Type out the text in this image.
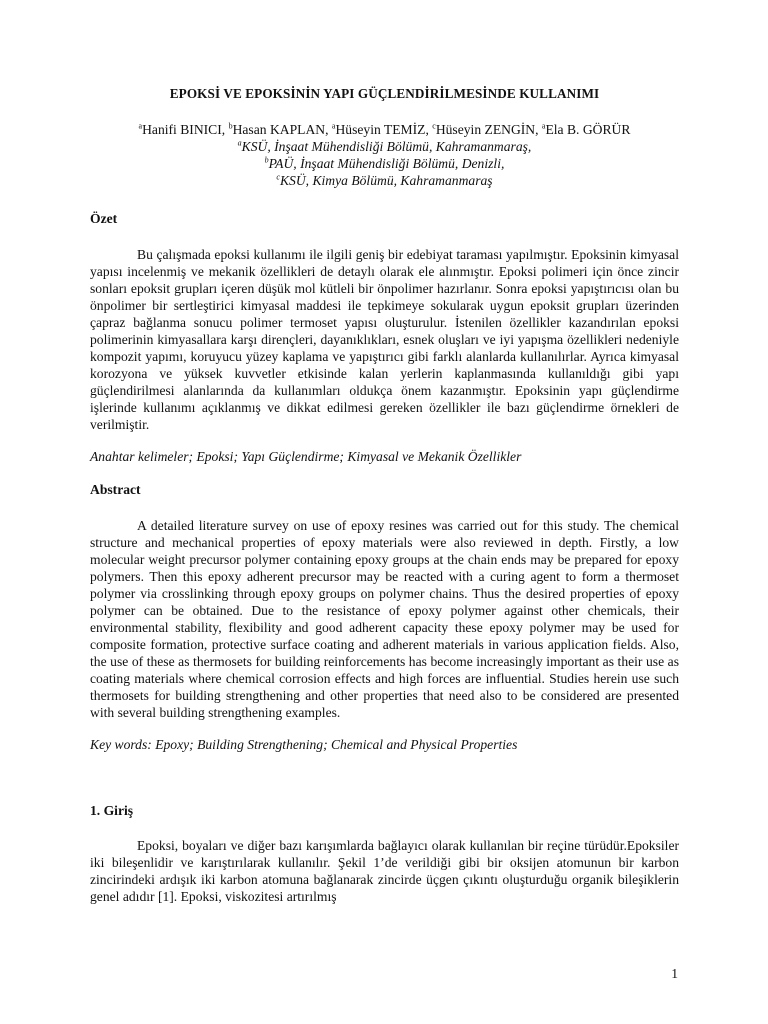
EPOKSİ VE EPOKSİNİN YAPI GÜÇLENDİRİLMESİNDE KULLANIMI

$^a$Hanifi BINICI, $^b$Hasan KAPLAN, $^a$Hüseyin TEMİZ, $^c$Hüseyin ZENGİN, $^a$Ela B. GÖRÜR

$^a$KSÜ, İnşaat Mühendisliği Bölümü, Kahramanmaraş,

$^b$PAÜ, İnşaat Mühendisliği Bölümü, Denizli,

$^c$KSÜ, Kimya Bölümü, Kahramanmaraş

Özet

Bu çalışmada epoksi kullanımı ile ilgili geniş bir edebiyat taraması yapılmıştır. Epoksinin kimyasal yapısı incelenmiş ve mekanik özellikleri de detaylı olarak ele alınmıştır. Epoksi polimeri için önce zincir sonları epoksit grupları içeren düşük mol kütleli bir önpolimer hazırlanır. Sonra epoksi yapıştırıcısı olan bu önpolimer bir sertleştirici kimyasal maddesi ile tepkimeye sokularak uygun epoksit grupları üzerinden çapraz bağlanma sonucu polimer termoset yapısı oluşturulur. İstenilen özellikler kazandırılan epoksi polimerinin kimyasallara karşı dirençleri, dayanıklıkları, esnek oluşları ve iyi yapışma özellikleri nedeniyle kompozit yapımı, koruyucu yüzey kaplama ve yapıştırıcı gibi farklı alanlarda kullanılırlar. Ayrıca kimyasal korozyona ve yüksek kuvvetler etkisinde kalan yerlerin kaplanmasında kullanıldığı gibi yapı güçlendirilmesi alanlarında da kullanımları oldukça önem kazanmıştır. Epoksinin yapı güçlendirme işlerinde kullanımı açıklanmış ve dikkat edilmesi gereken özellikler ile bazı güçlendirme örnekleri de verilmiştir.

Anahtar kelimeler; Epoksi; Yapı Güçlendirme; Kimyasal ve Mekanik Özellikler

Abstract

A detailed literature survey on use of epoxy resines was carried out for this study. The chemical structure and mechanical properties of epoxy materials were also reviewed in depth. Firstly, a low molecular weight precursor polymer containing epoxy groups at the chain ends may be prepared for epoxy polymers. Then this epoxy adherent precursor may be reacted with a curing agent to form a thermoset polymer via crosslinking through epoxy groups on polymer chains. Thus the desired properties of epoxy polymer can be obtained. Due to the resistance of epoxy polymer against other chemicals, their environmental stability, flexibility and good adherent capacity these epoxy polymer may be used for composite formation, protective surface coating and adherent materials in various application fields. Also, the use of these as thermosets for building reinforcements has become increasingly important as their use as coating materials where chemical corrosion effects and high forces are influential. Studies herein use such thermosets for building strengthening and other properties that need also to be considered are presented with several building strengthening examples.

Key words: Epoxy; Building Strengthening; Chemical and Physical Properties

1. Giriş

Epoksi, boyaları ve diğer bazı karışımlarda bağlayıcı olarak kullanılan bir reçine türüdür.Epoksiler iki bileşenlidir ve karıştırılarak kullanılır. Şekil 1’de verildiği gibi bir oksijen atomunun bir karbon zincirindeki ardışık iki karbon atomuna bağlanarak zincirde üçgen çıkıntı oluşturduğu organik bileşiklerin genel adıdır [1]. Epoksi, viskozitesi artırılmış

1
